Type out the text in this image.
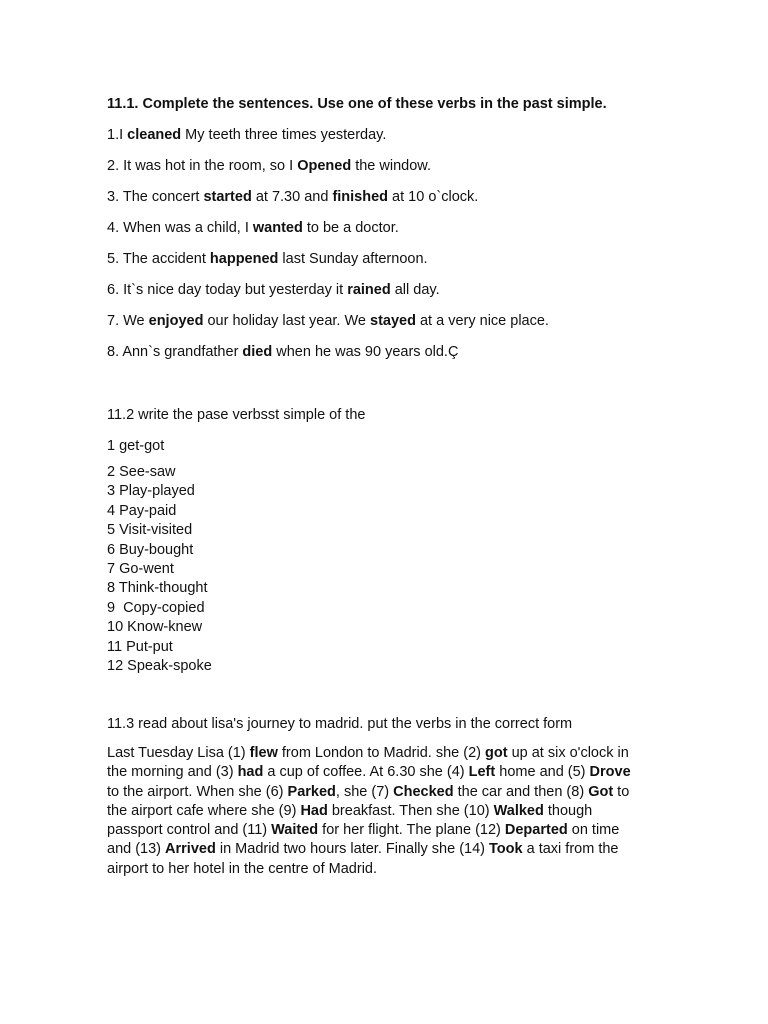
11.1. Complete the sentences. Use one of these verbs in the past simple.
1.I cleaned My teeth three times yesterday.
2. It was hot in the room, so I Opened the window.
3. The concert started at 7.30 and finished at 10 o`clock.
4. When was a child, I wanted to be a doctor.
5. The accident happened last Sunday afternoon.
6. It`s nice day today but yesterday it rained all day.
7. We enjoyed our holiday last year. We stayed at a very nice place.
8. Ann`s grandfather died when he was 90 years old.Ç
11.2 write the pase verbsst simple of the
1 get-got
2 See-saw
3 Play-played
4 Pay-paid
5 Visit-visited
6 Buy-bought
7 Go-went
8 Think-thought
9  Copy-copied
10 Know-knew
11 Put-put
12 Speak-spoke
11.3 read about lisa's journey to madrid. put the verbs in the correct form
Last Tuesday Lisa (1) flew from London to Madrid. she (2) got up at six o'clock in
the morning and (3) had a cup of coffee. At 6.30 she (4) Left home and (5) Drove
to the airport. When she (6) Parked, she (7) Checked the car and then (8) Got to
the airport cafe where she (9) Had breakfast. Then she (10) Walked though
passport control and (11) Waited for her flight. The plane (12) Departed on time
and (13) Arrived in Madrid two hours later. Finally she (14) Took a taxi from the
airport to her hotel in the centre of Madrid.
